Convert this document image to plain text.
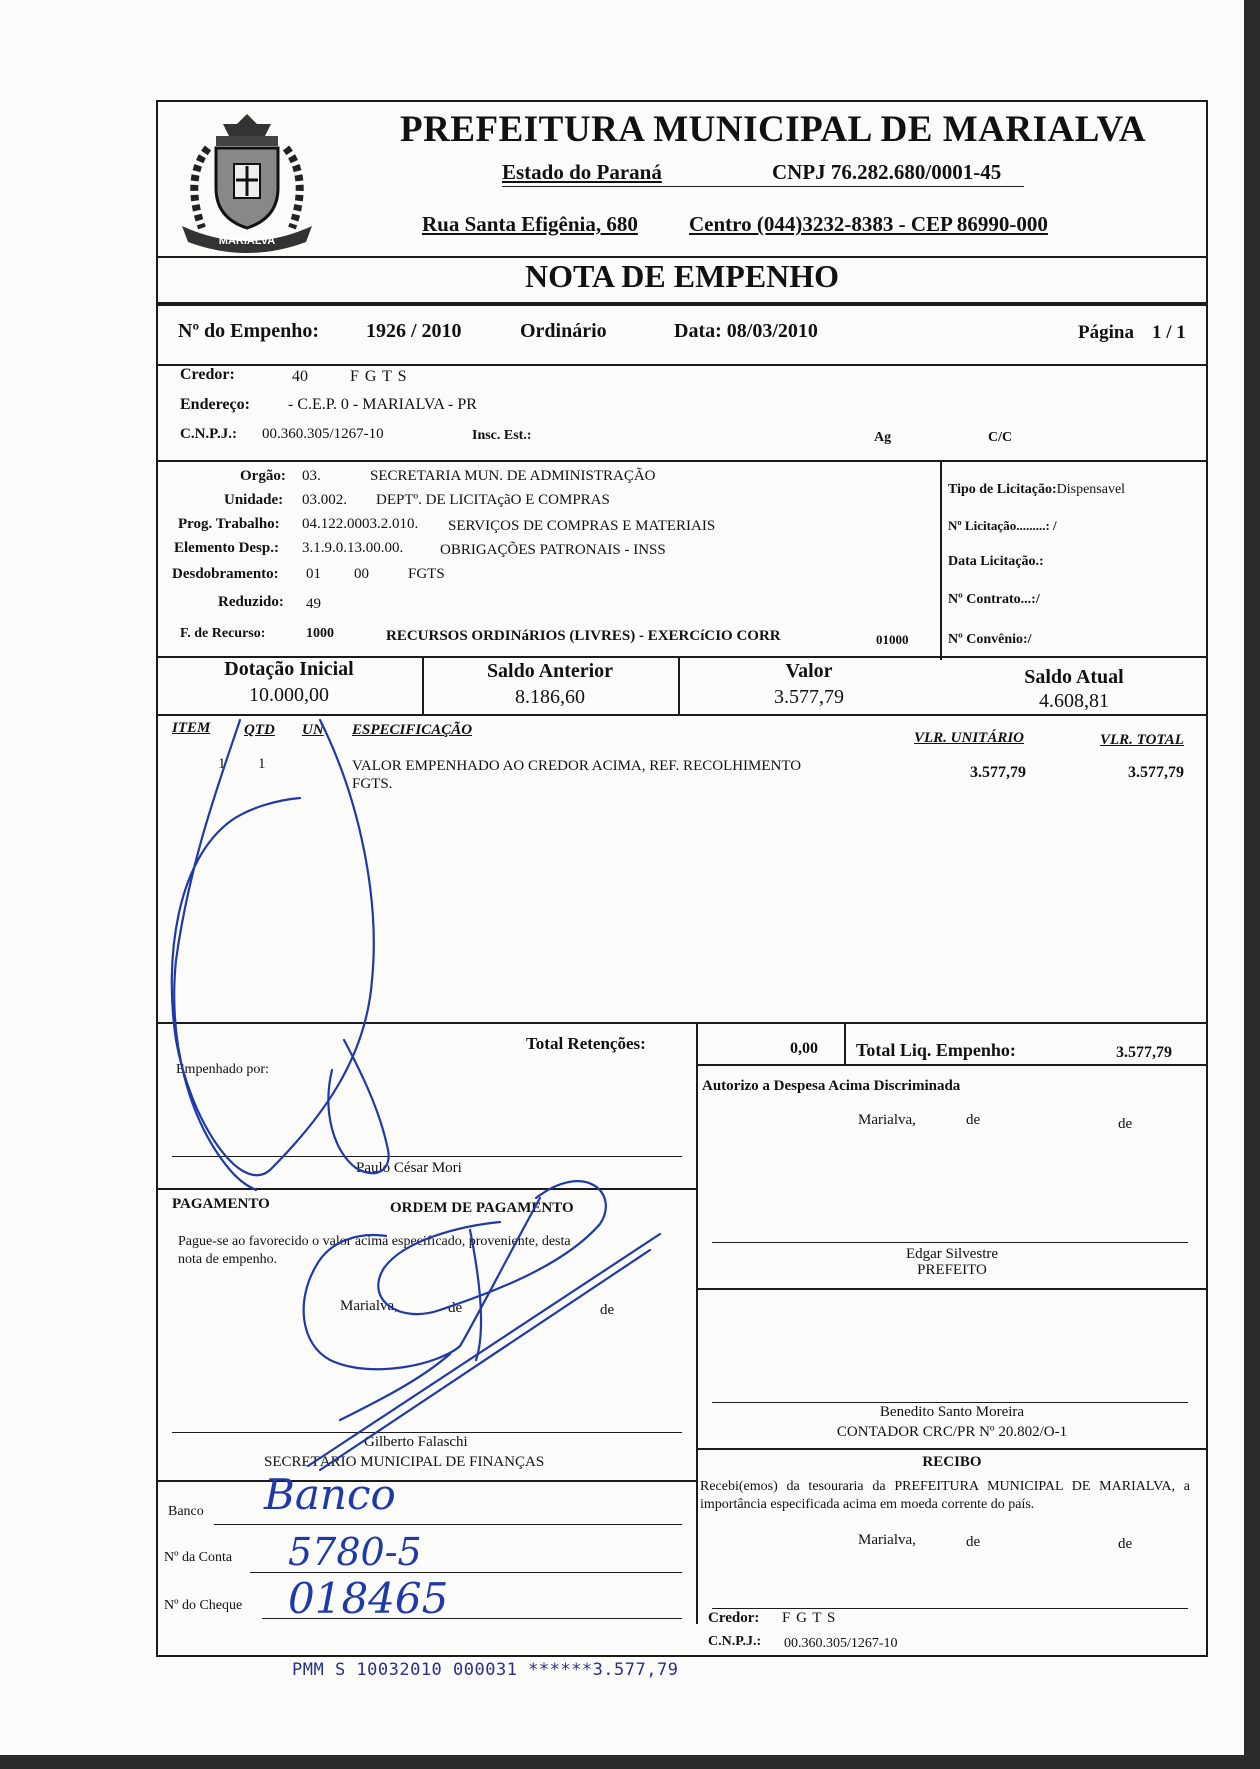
MARIALVA
PREFEITURA MUNICIPAL DE MARIALVA
Estado do Paraná	CNPJ 76.282.680/0001-45
Rua Santa Efigênia, 680 Centro (044)3232-8383 - CEP 86990-000
NOTA DE EMPENHO
Nº do Empenho: 1926 / 2010	Ordinário	Data: 08/03/2010	Página 1 / 1
Credor:	40	F G T S
Endereço: - C.E.P. 0 - MARIALVA - PR
C.N.P.J.: 00.360.305/1267-10	Insc. Est.:	Ag	C/C
Orgão: 03.	SECRETARIA MUN. DE ADMINISTRAÇÃO
Unidade: 03.002. DEPTº. DE LICITAçãO E COMPRAS
Prog. Trabalho: 04.122.0003.2.010. SERVIÇOS DE COMPRAS E MATERIAIS
Elemento Desp.: 3.1.9.0.13.00.00. OBRIGAÇÕES PATRONAIS - INSS
Desdobramento: 01 00	FGTS
Reduzido: 49
F. de Recurso:	1000	RECURSOS ORDINáRIOS (LIVRES) - EXERCíCIO CORR	01000
Tipo de Licitação:Dispensavel
Nº Licitação.........: /
Data Licitação.:
Nº Contrato...:/
Nº Convênio:/
Dotação Inicial
10.000,00
Saldo Anterior
8.186,60
Valor
3.577,79
Saldo Atual
4.608,81
ITEM QTD UN ESPECIFICAÇÃO	VLR. UNITÁRIO	VLR. TOTAL
1 1	VALOR EMPENHADO AO CREDOR ACIMA, REF. RECOLHIMENTO
FGTS.
3.577,79	3.577,79
Total Retenções:	0,00 Total Liq. Empenho:	3.577,79
Empenhado por:
Paulo César Mori
PAGAMENTO	ORDEM DE PAGAMENTO
Pague-se ao favorecido o valor acima especificado, proveniente, desta
nota de empenho.
Marialva,	de	de
Gilberto Falaschi
SECRETÁRIO MUNICIPAL DE FINANÇAS
Banco Banco
Nº da Conta 5780-5
Nº do Cheque 018465
Autorizo a Despesa Acima Discriminada
Marialva,	de	de
Edgar Silvestre
PREFEITO
Benedito Santo Moreira
CONTADOR CRC/PR Nº 20.802/O-1
RECIBO
Recebi(emos) da tesouraria da PREFEITURA MUNICIPAL DE MARIALVA, a importância especificada acima em moeda corrente do país.
Marialva,	de	de
Credor: F G T S
C.N.P.J.: 00.360.305/1267-10
PMM S 10032010 000031 ******3.577,79
